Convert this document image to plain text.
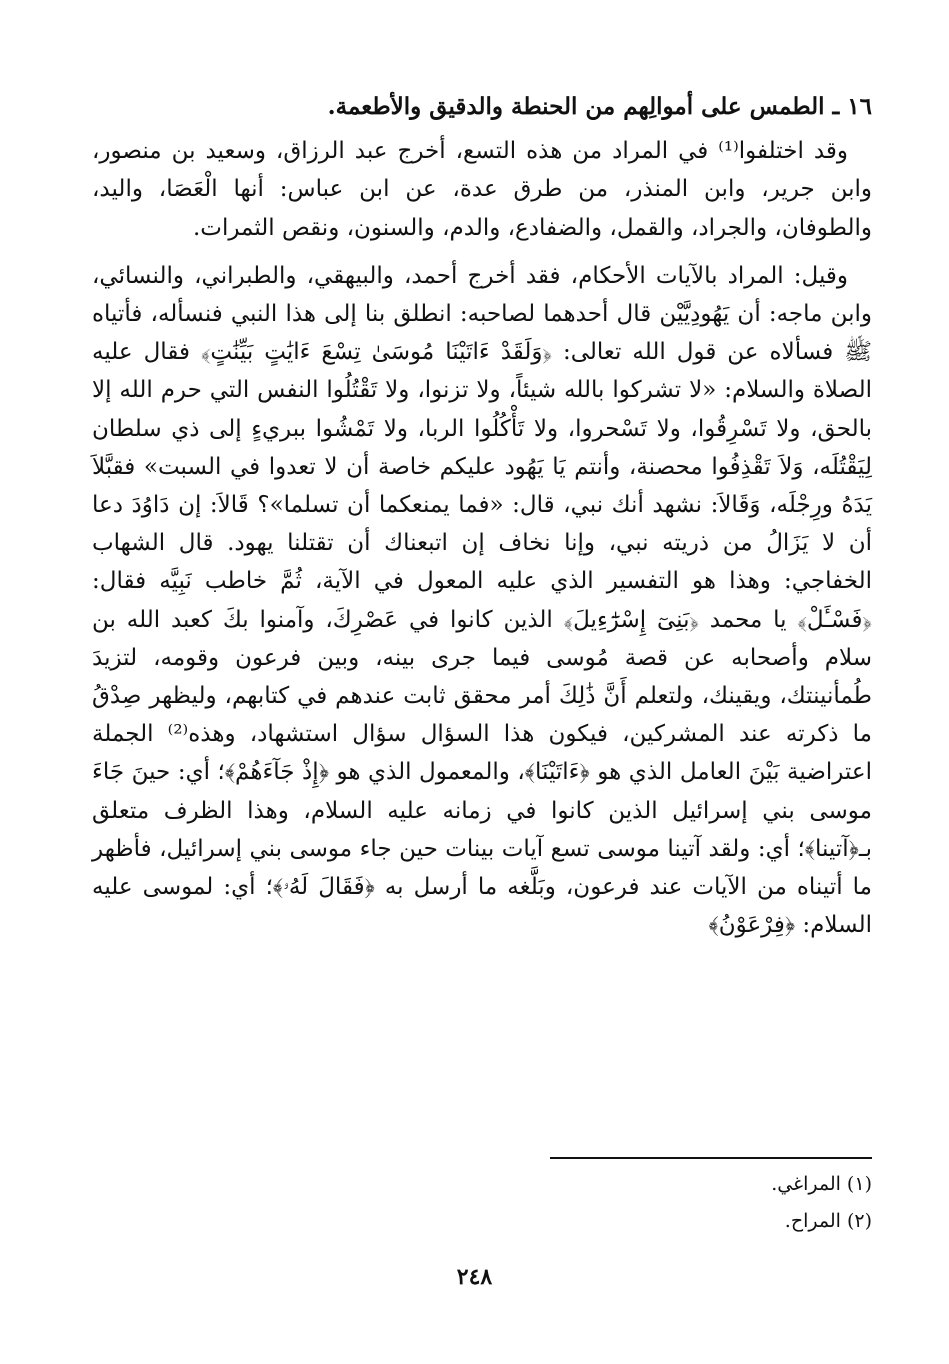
١٦ ـ الطمس على أموالِهم من الحنطة والدقيق والأطعمة.

وقد اختلفوا⁽¹⁾ في المراد من هذه التسع، أخرج عبد الرزاق، وسعيد بن منصور، وابن جرير، وابن المنذر، من طرق عدة، عن ابن عباس: أنها الْعَصَا، واليد، والطوفان، والجراد، والقمل، والضفادع، والدم، والسنون، ونقص الثمرات.

وقيل: المراد بالآيات الأحكام، فقد أخرج أحمد، والبيهقي، والطبراني، والنسائي، وابن ماجه: أن يَهُودِيَّيْن قال أحدهما لصاحبه: انطلق بنا إلى هذا النبي فنسأله، فأتياه ﷺ فسألاه عن قول الله تعالى: ﴿وَلَقَدْ ءَاتَيْنَا مُوسَىٰ تِسْعَ ءَايَٰتٍ بَيِّنَٰتٍ﴾ فقال عليه الصلاة والسلام: «لا تشركوا بالله شيئاً، ولا تزنوا، ولا تَقْتُلُوا النفس التي حرم الله إلا بالحق، ولا تَسْرِقُوا، ولا تَسْحروا، ولا تَأْكُلُوا الربا، ولا تَمْشُوا ببريءٍ إلى ذي سلطان لِيَقْتُلَه، وَلاَ تَقْذِفُوا محصنة، وأنتم يَا يَهُود عليكم خاصة أن لا تعدوا في السبت» فقبَّلاَ يَدَهُ ورِجْلَه، وَقَالاَ: نشهد أنك نبي، قال: «فما يمنعكما أن تسلما»؟ قَالاَ: إن دَاوُدَ دعا أن لا يَزَالُ من ذريته نبي، وإنا نخاف إن اتبعناك أن تقتلنا يهود. قال الشهاب الخفاجي: وهذا هو التفسير الذي عليه المعول في الآية، ثُمَّ خاطب نَبِيَّه فقال: ﴿فَسْـَٔلْ﴾ يا محمد ﴿بَنِىٓ إِسْرَٰٓءِيلَ﴾ الذين كانوا في عَصْرِكَ، وآمنوا بكَ كعبد الله بن سلام وأصحابه عن قصة مُوسى فيما جرى بينه، وبين فرعون وقومه، لتزيدَ طُمأنينتك، ويقينك، ولتعلم أَنَّ ذَٰلِكَ أمر محقق ثابت عندهم في كتابهم، وليظهر صِدْقُ ما ذكرته عند المشركين، فيكون هذا السؤال سؤال استشهاد، وهذه⁽²⁾ الجملة اعتراضية بَيْنَ العامل الذي هو ﴿ءَاتَيْنَا﴾، والمعمول الذي هو ﴿إِذْ جَآءَهُمْ﴾؛ أي: حينَ جَاءَ موسى بني إسرائيل الذين كانوا في زمانه عليه السلام، وهذا الظرف متعلق بـ﴿آتينا﴾؛ أي: ولقد آتينا موسى تسع آيات بينات حين جاء موسى بني إسرائيل، فأظهر ما أتيناه من الآيات عند فرعون، وبَلَّغه ما أرسل به ﴿فَقَالَ لَهُۥ﴾؛ أي: لموسى عليه السلام: ﴿فِرْعَوْنُ﴾

(١) المراغي.

(٢) المراح.

٢٤٨
